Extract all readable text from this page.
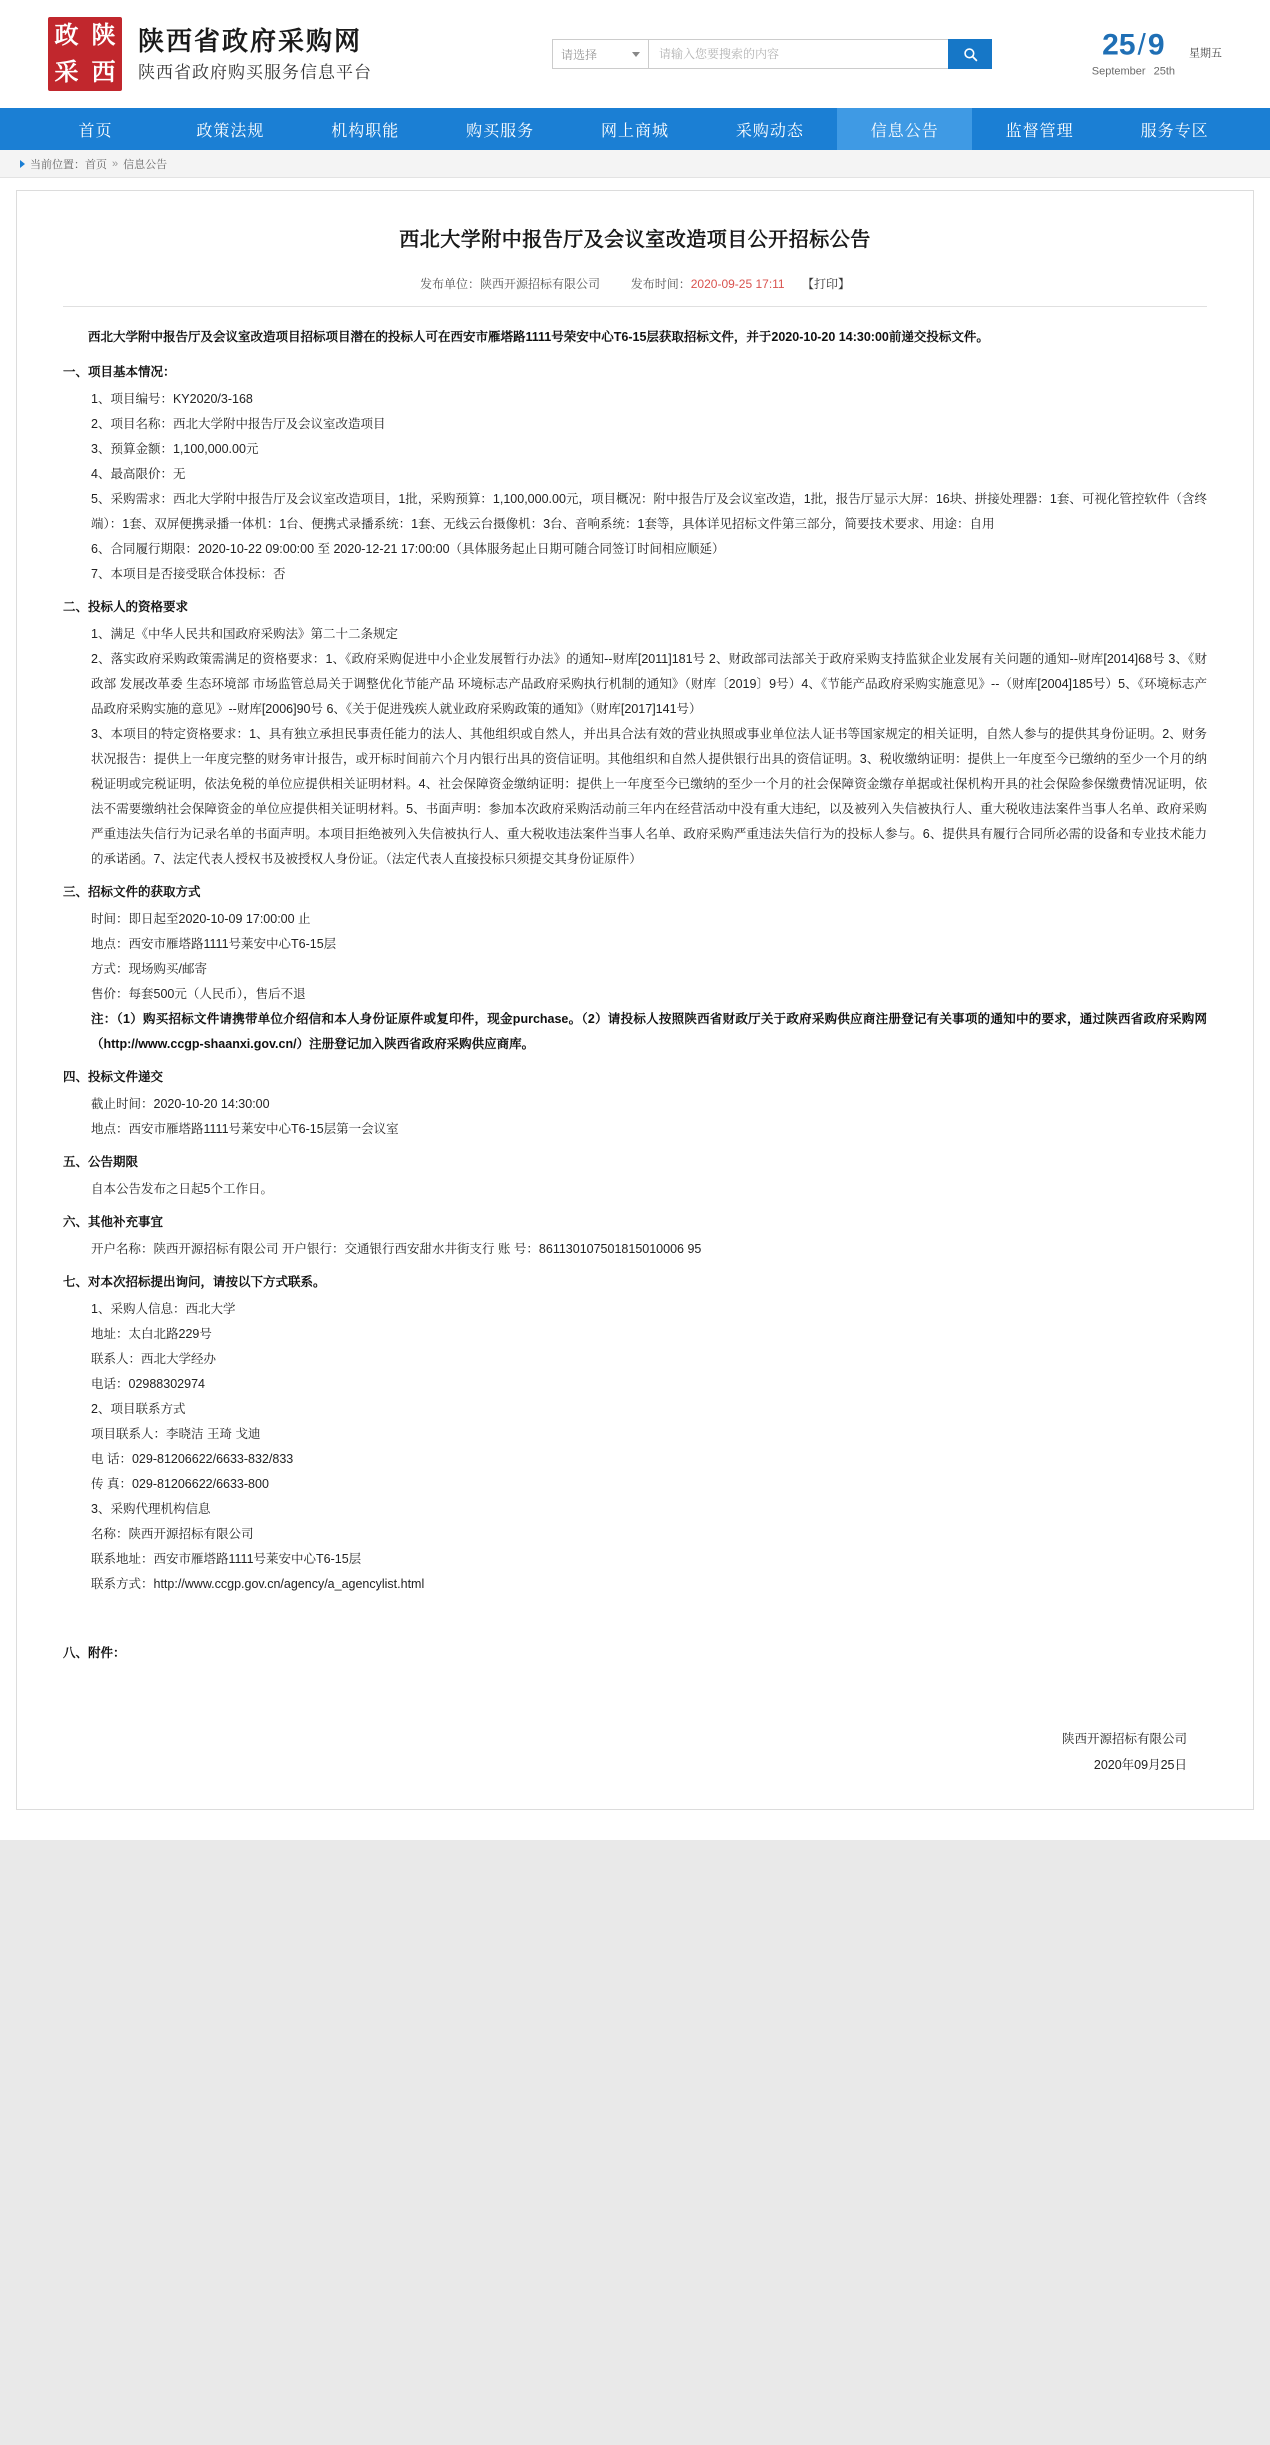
政 陕
采 西
陕西省政府采购网
陕西省政府购买服务信息平台
请选择
请输入您要搜索的内容	25/9
September 25th
星期五
首页	政策法规	机构职能	购买服务	网上商城	采购动态	信息公告	监督管理	服务专区
当前位置： 首页 » 信息公告
西北大学附中报告厅及会议室改造项目公开招标公告
发布单位：陕西开源招标有限公司	发布时间：2020-09-25 17:11 【打印】
西北大学附中报告厅及会议室改造项目招标项目潜在的投标人可在西安市雁塔路1111号荣安中心T6-15层获取招标文件，并于2020-10-20 14:30:00前递交投标文件。
一、项目基本情况：
1、项目编号：KY2020/3-168
2、项目名称：西北大学附中报告厅及会议室改造项目
3、预算金额：1,100,000.00元
4、最高限价：无
5、采购需求：西北大学附中报告厅及会议室改造项目，1批，采购预算：1,100,000.00元，项目概况：附中报告厅及会议室改造，1批，报告厅显示大屏：16块、拼接处理器：1套、可视化管控软件（含终端）：1套、双屏便携录播一体机：1台、便携式录播系统：1套、无线云台摄像机：3台、音响系统：1套等，具体详见招标文件第三部分，简要技术要求、用途：自用
6、合同履行期限：2020-10-22 09:00:00 至 2020-12-21 17:00:00（具体服务起止日期可随合同签订时间相应顺延）
7、本项目是否接受联合体投标：否
二、投标人的资格要求
1、满足《中华人民共和国政府采购法》第二十二条规定
2、落实政府采购政策需满足的资格要求：1、《政府采购促进中小企业发展暂行办法》的通知--财库[2011]181号 2、财政部司法部关于政府采购支持监狱企业发展有关问题的通知--财库[2014]68号 3、《财政部 发展改革委 生态环境部 市场监管总局关于调整优化节能产品 环境标志产品政府采购执行机制的通知》（财库〔2019〕9号）4、《节能产品政府采购实施意见》--（财库[2004]185号）5、《环境标志产品政府采购实施的意见》--财库[2006]90号 6、《关于促进残疾人就业政府采购政策的通知》（财库[2017]141号）
3、本项目的特定资格要求：1、具有独立承担民事责任能力的法人、其他组织或自然人，并出具合法有效的营业执照或事业单位法人证书等国家规定的相关证明，自然人参与的提供其身份证明。2、财务状况报告：提供上一年度完整的财务审计报告，或开标时间前六个月内银行出具的资信证明。其他组织和自然人提供银行出具的资信证明。3、税收缴纳证明：提供上一年度至今已缴纳的至少一个月的纳税证明或完税证明，依法免税的单位应提供相关证明材料。4、社会保障资金缴纳证明：提供上一年度至今已缴纳的至少一个月的社会保障资金缴存单据或社保机构开具的社会保险参保缴费情况证明，依法不需要缴纳社会保障资金的单位应提供相关证明材料。5、书面声明：参加本次政府采购活动前三年内在经营活动中没有重大违纪，以及被列入失信被执行人、重大税收违法案件当事人名单、政府采购严重违法失信行为记录名单的书面声明。本项目拒绝被列入失信被执行人、重大税收违法案件当事人名单、政府采购严重违法失信行为的投标人参与。6、提供具有履行合同所必需的设备和专业技术能力的承诺函。7、法定代表人授权书及被授权人身份证。（法定代表人直接投标只须提交其身份证原件）
三、招标文件的获取方式
时间：即日起至2020-10-09 17:00:00 止
地点：西安市雁塔路1111号莱安中心T6-15层
方式：现场购买/邮寄
售价：每套500元（人民币），售后不退
注：（1）购买招标文件请携带单位介绍信和本人身份证原件或复印件，现金purchase。（2）请投标人按照陕西省财政厅关于政府采购供应商注册登记有关事项的通知中的要求，通过陕西省政府采购网（http://www.ccgp-shaanxi.gov.cn/）注册登记加入陕西省政府采购供应商库。
四、投标文件递交
截止时间：2020-10-20 14:30:00
地点：西安市雁塔路1111号莱安中心T6-15层第一会议室
五、公告期限
自本公告发布之日起5个工作日。
六、其他补充事宜
开户名称：陕西开源招标有限公司 开户银行：交通银行西安甜水井街支行 账 号：861130107501815010006 95
七、对本次招标提出询问，请按以下方式联系。
1、采购人信息：西北大学
地址：太白北路229号
联系人：西北大学经办
电话：02988302974
2、项目联系方式
项目联系人：李晓洁 王琦 戈迪
电 话：029-81206622/6633-832/833
传 真：029-81206622/6633-800
3、采购代理机构信息
名称：陕西开源招标有限公司
联系地址：西安市雁塔路1111号莱安中心T6-15层
联系方式：http://www.ccgp.gov.cn/agency/a_agencylist.html
八、附件：
陕西开源招标有限公司
2020年09月25日
